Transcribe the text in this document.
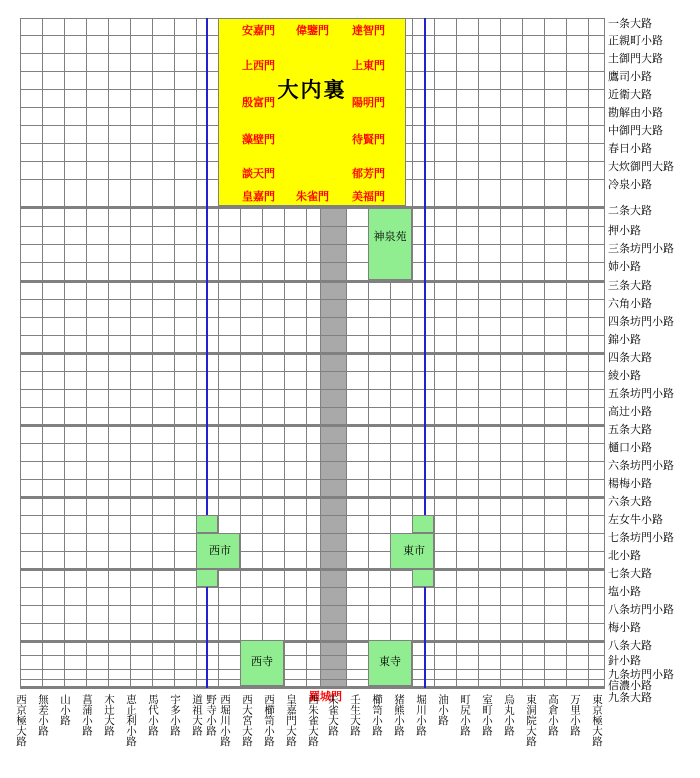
大内裏
安嘉門
上西門
殷富門
藻壁門
談天門
皇嘉門
偉鑒門
朱雀門
達智門
上東門
陽明門
待賢門
郁芳門
美福門
神泉苑
西市	東市
西寺	東寺
羅城門
一条大路
正親町小路
土御門大路
鷹司小路
近衛大路
勘解由小路
中御門大路
春日小路
大炊御門大路
冷泉小路
二条大路
押小路
三条坊門小路
姉小路
三条大路
六角小路
四条坊門小路
錦小路
四条大路
綾小路
五条坊門小路
高辻小路
五条大路
樋口小路
六条坊門小路
楊梅小路
六条大路
左女牛小路
七条坊門小路
北小路
七条大路
塩小路
八条坊門小路
梅小路
八条大路
針小路
九条坊門小路
信濃小路
九条大路
西京極大路 無差小路 山小路 菖蒲小路 木辻大路 恵止利小路 馬代小路 宇多小路 道祖大路 野寺小路 西堀川小路 西大宮大路 西櫛笥小路 皇嘉門大路 西朱雀大路 朱雀大路 壬生大路 櫛笥小路 猪熊小路 堀川小路 油小路 町尻小路 室町小路 烏丸小路 東洞院大路 高倉小路 万里小路 東京極大路
